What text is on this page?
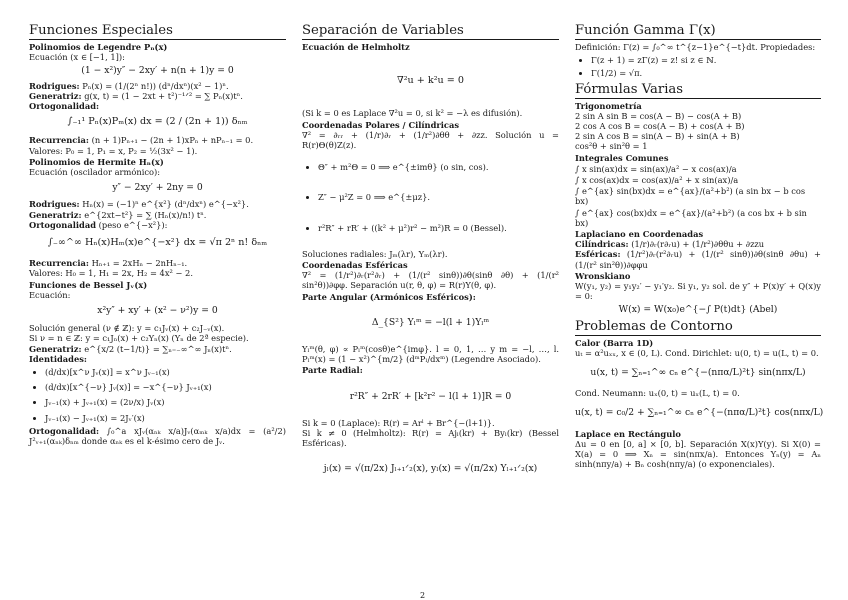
Funciones Especiales
Polinomios de Legendre Pₙ(x)
Ecuación (x ∈ [−1, 1]):
(1 − x²)y″ − 2xy′ + n(n + 1)y = 0
Rodrigues: Pₙ(x) = (1/(2ⁿ n!)) (dⁿ/dxⁿ)(x² − 1)ⁿ.
Generatriz: g(x, t) = (1 − 2xt + t²)⁻¹ᐟ² = ∑ Pₙ(x)tⁿ.
Ortogonalidad:
∫₋₁¹ Pₙ(x)Pₘ(x) dx = (2 / (2n + 1)) δₙₘ
Recurrencia: (n + 1)Pₙ₊₁ − (2n + 1)xPₙ + nPₙ₋₁ = 0.
Valores: P₀ = 1, P₁ = x, P₂ = ½(3x² − 1).
Polinomios de Hermite Hₙ(x)
Ecuación (oscilador armónico):
y″ − 2xy′ + 2ny = 0
Rodrigues: Hₙ(x) = (−1)ⁿ e^{x²} (dⁿ/dxⁿ) e^{−x²}.
Generatriz: e^{2xt−t²} = ∑ (Hₙ(x)/n!) tⁿ.
Ortogonalidad (peso e^{−x²}):
∫₋∞^∞ Hₙ(x)Hₘ(x)e^{−x²} dx = √π 2ⁿ n! δₙₘ
Recurrencia: Hₙ₊₁ = 2xHₙ − 2nHₙ₋₁.
Valores: H₀ = 1, H₁ = 2x, H₂ = 4x² − 2.
Funciones de Bessel Jᵥ(x)
Ecuación:
x²y″ + xy′ + (x² − ν²)y = 0
Solución general (ν ∉ ℤ): y = c₁Jᵥ(x) + c₂J₋ᵥ(x).
Si ν = n ∈ ℤ: y = c₁Jₙ(x) + c₂Yₙ(x) (Yₙ de 2ª especie).
Generatriz: e^{x/2 (t−1/t)} = ∑ₙ₌₋∞^∞ Jₙ(x)tⁿ.
Identidades:
• (d/dx)[x^ν Jᵥ(x)] = x^ν Jᵥ₋₁(x)
• (d/dx)[x^{−ν} Jᵥ(x)] = −x^{−ν} Jᵥ₊₁(x)
• Jᵥ₋₁(x) + Jᵥ₊₁(x) = (2ν/x) Jᵥ(x)
• Jᵥ₋₁(x) − Jᵥ₊₁(x) = 2Jᵥ′(x)
Ortogonalidad: ∫₀^a xJᵥ(αₙₖ x/a)Jᵥ(αₘₖ x/a)dx = (a²/2) J²ᵥ₊₁(αₙₖ)δₙₘ donde αₙₖ es el k-ésimo cero de Jᵥ.
Separación de Variables
Ecuación de Helmholtz
∇²u + k²u = 0
(Si k = 0 es Laplace ∇²u = 0, si k² = −λ es difusión).
Coordenadas Polares / Cilíndricas
∇² = ∂ᵣᵣ + (1/r)∂ᵣ + (1/r²)∂θθ + ∂zz. Solución u = R(r)Θ(θ)Z(z).
• Θ″ + m²Θ = 0 ⟹ e^{±imθ} (o sin, cos).
• Z″ − μ²Z = 0 ⟹ e^{±μz}.
• r²R″ + rR′ + ((k² + μ²)r² − m²)R = 0 (Bessel).
Soluciones radiales: Jₘ(λr), Yₘ(λr).
Coordenadas Esféricas
∇² = (1/r²)∂ᵣ(r²∂ᵣ) + (1/(r² sinθ))∂θ(sinθ ∂θ) + (1/(r² sin²θ))∂φφ. Separación u(r, θ, φ) = R(r)Y(θ, φ).
Parte Angular (Armónicos Esféricos):
Δ_{S²} Yₗᵐ = −l(l + 1)Yₗᵐ
Yₗᵐ(θ, φ) ∝ Pₗᵐ(cosθ)e^{imφ}. l = 0, 1, … y m = −l, …, l. Pₗᵐ(x) = (1 − x²)^{m/2} (dᵐPₗ/dxᵐ) (Legendre Asociado).
Parte Radial:
r²R″ + 2rR′ + [k²r² − l(l + 1)]R = 0
Si k = 0 (Laplace): R(r) = Arˡ + Br^{−(l+1)}.
Si k ≠ 0 (Helmholtz): R(r) = Ajₗ(kr) + Byₗ(kr) (Bessel Esféricas).
jₗ(x) = √(π/2x) Jₗ₊₁ᐟ₂(x), yₗ(x) = √(π/2x) Yₗ₊₁ᐟ₂(x)
Función Gamma Γ(x)
Definición: Γ(z) = ∫₀^∞ t^{z−1}e^{−t}dt. Propiedades:
• Γ(z + 1) = zΓ(z) = z! si z ∈ ℕ.
• Γ(1/2) = √π.
Fórmulas Varias
Trigonometría
2 sin A sin B = cos(A − B) − cos(A + B)
2 cos A cos B = cos(A − B) + cos(A + B)
2 sin A cos B = sin(A − B) + sin(A + B)
cos²θ + sin²θ = 1
Integrales Comunes
∫ x sin(ax)dx = sin(ax)/a² − x cos(ax)/a
∫ x cos(ax)dx = cos(ax)/a² + x sin(ax)/a
∫ e^{ax} sin(bx)dx = e^{ax}/(a²+b²) (a sin bx − b cos bx)
∫ e^{ax} cos(bx)dx = e^{ax}/(a²+b²) (a cos bx + b sin bx)
Laplaciano en Coordenadas
Cilíndricas: (1/r)∂ᵣ(r∂ᵣu) + (1/r²)∂θθu + ∂zzu
Esféricas: (1/r²)∂ᵣ(r²∂ᵣu) + (1/(r² sinθ))∂θ(sinθ ∂θu) + (1/(r² sin²θ))∂φφu
Wronskiano
W(y₁, y₂) = y₁y₂′ − y₁′y₂. Si y₁, y₂ sol. de y″ + P(x)y′ + Q(x)y = 0:
W(x) = W(x₀)e^{−∫ P(t)dt} (Abel)
Problemas de Contorno
Calor (Barra 1D)
uₜ = α²uₓₓ, x ∈ (0, L). Cond. Dirichlet: u(0, t) = u(L, t) = 0.
u(x, t) = ∑ₙ₌₁^∞ cₙ e^{−(nπα/L)²t} sin(nπx/L)
Cond. Neumann: uₓ(0, t) = uₓ(L, t) = 0.
u(x, t) = c₀/2 + ∑ₙ₌₁^∞ cₙ e^{−(nπα/L)²t} cos(nπx/L)
Laplace en Rectángulo
Δu = 0 en [0, a] × [0, b]. Separación X(x)Y(y). Si X(0) = X(a) = 0 ⟹ Xₙ = sin(nπx/a). Entonces Yₙ(y) = Aₙ sinh(nπy/a) + Bₙ cosh(nπy/a) (o exponenciales).
2
